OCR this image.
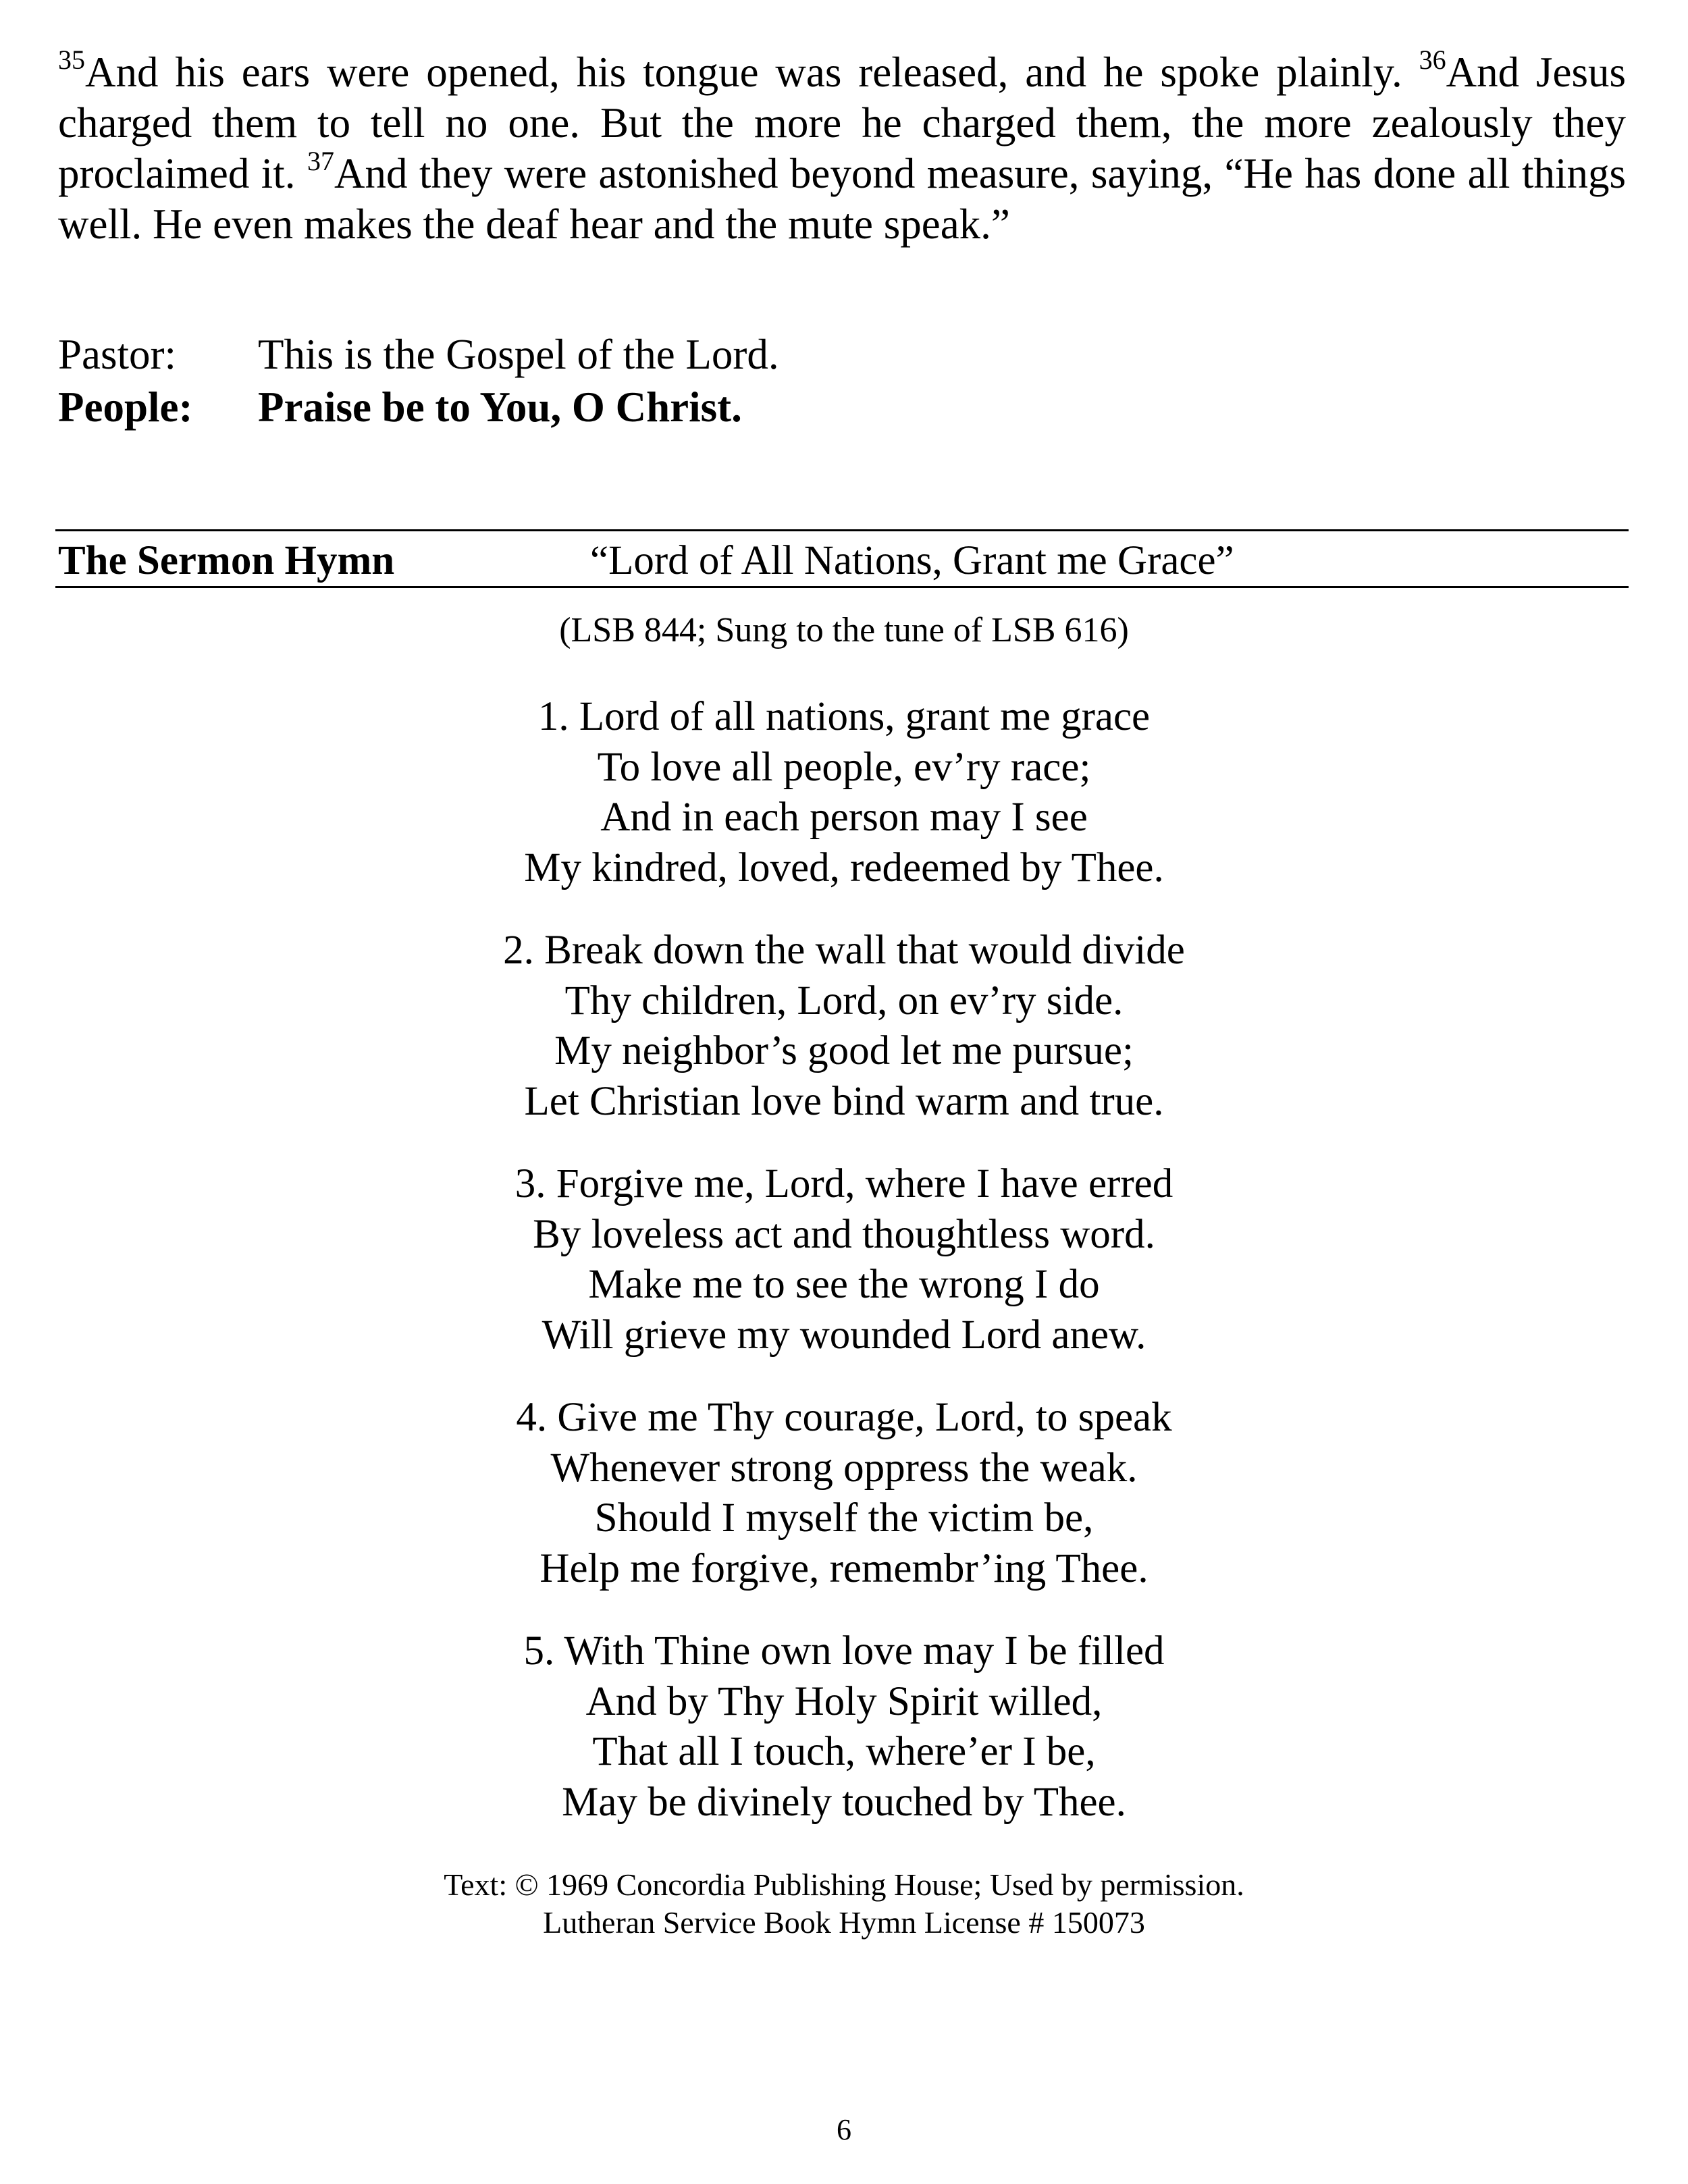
$^{35}$And his ears were opened, his tongue was released, and he spoke plainly. $^{36}$And Jesus charged them to tell no one. But the more he charged them, the more zealously they proclaimed it. $^{37}$And they were astonished beyond measure, saying, “He has done all things well. He even makes the deaf hear and the mute speak.”

Pastor: This is the Gospel of the Lord.
People: Praise be to You, O Christ.
The Sermon Hymn	“Lord of All Nations, Grant me Grace”
(LSB 844; Sung to the tune of LSB 616)
1. Lord of all nations, grant me grace
To love all people, ev’ry race;
And in each person may I see
My kindred, loved, redeemed by Thee.
2. Break down the wall that would divide
Thy children, Lord, on ev’ry side.
My neighbor’s good let me pursue;
Let Christian love bind warm and true.
3. Forgive me, Lord, where I have erred
By loveless act and thoughtless word.
Make me to see the wrong I do
Will grieve my wounded Lord anew.
4. Give me Thy courage, Lord, to speak
Whenever strong oppress the weak.
Should I myself the victim be,
Help me forgive, remembr’ing Thee.
5. With Thine own love may I be filled
And by Thy Holy Spirit willed,
That all I touch, where’er I be,
May be divinely touched by Thee.
Text: © 1969 Concordia Publishing House; Used by permission.
Lutheran Service Book Hymn License # 150073
6
